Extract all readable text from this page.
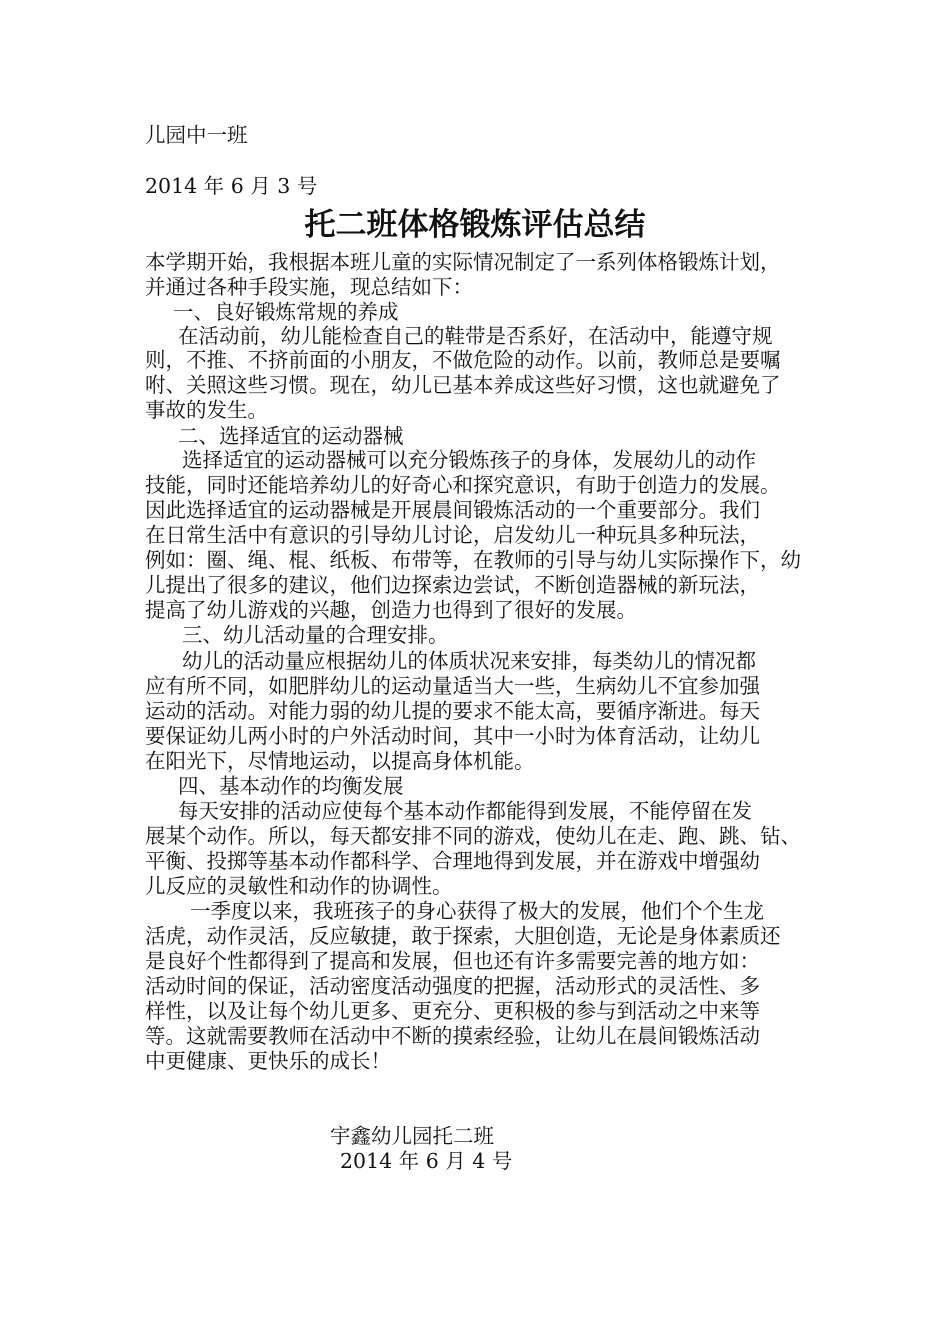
儿园中一班
2014 年 6 月 3 号
托二班体格锻炼评估总结
本学期开始，我根据本班儿童的实际情况制定了一系列体格锻炼计划，
并通过各种手段实施，现总结如下：
一、良好锻炼常规的养成
在活动前，幼儿能检查自己的鞋带是否系好，在活动中，能遵守规
则，不推、不挤前面的小朋友，不做危险的动作。以前，教师总是要嘱
咐、关照这些习惯。现在，幼儿已基本养成这些好习惯，这也就避免了
事故的发生。
二、选择适宜的运动器械
选择适宜的运动器械可以充分锻炼孩子的身体，发展幼儿的动作
技能，同时还能培养幼儿的好奇心和探究意识，有助于创造力的发展。
因此选择适宜的运动器械是开展晨间锻炼活动的一个重要部分。我们
在日常生活中有意识的引导幼儿讨论，启发幼儿一种玩具多种玩法，
例如：圈、绳、棍、纸板、布带等，在教师的引导与幼儿实际操作下，幼
儿提出了很多的建议，他们边探索边尝试，不断创造器械的新玩法，
提高了幼儿游戏的兴趣，创造力也得到了很好的发展。
三、幼儿活动量的合理安排。
幼儿的活动量应根据幼儿的体质状况来安排，每类幼儿的情况都
应有所不同，如肥胖幼儿的运动量适当大一些，生病幼儿不宜参加强
运动的活动。对能力弱的幼儿提的要求不能太高，要循序渐进。每天
要保证幼儿两小时的户外活动时间，其中一小时为体育活动，让幼儿
在阳光下，尽情地运动，以提高身体机能。
四、基本动作的均衡发展
每天安排的活动应使每个基本动作都能得到发展，不能停留在发
展某个动作。所以，每天都安排不同的游戏，使幼儿在走、跑、跳、钻、
平衡、投掷等基本动作都科学、合理地得到发展，并在游戏中增强幼
儿反应的灵敏性和动作的协调性。
一季度以来，我班孩子的身心获得了极大的发展，他们个个生龙
活虎，动作灵活，反应敏捷，敢于探索，大胆创造，无论是身体素质还
是良好个性都得到了提高和发展，但也还有许多需要完善的地方如：
活动时间的保证，活动密度活动强度的把握，活动形式的灵活性、多
样性，以及让每个幼儿更多、更充分、更积极的参与到活动之中来等
等。这就需要教师在活动中不断的摸索经验，让幼儿在晨间锻炼活动
中更健康、更快乐的成长！
宇鑫幼儿园托二班
2014 年 6 月 4 号
